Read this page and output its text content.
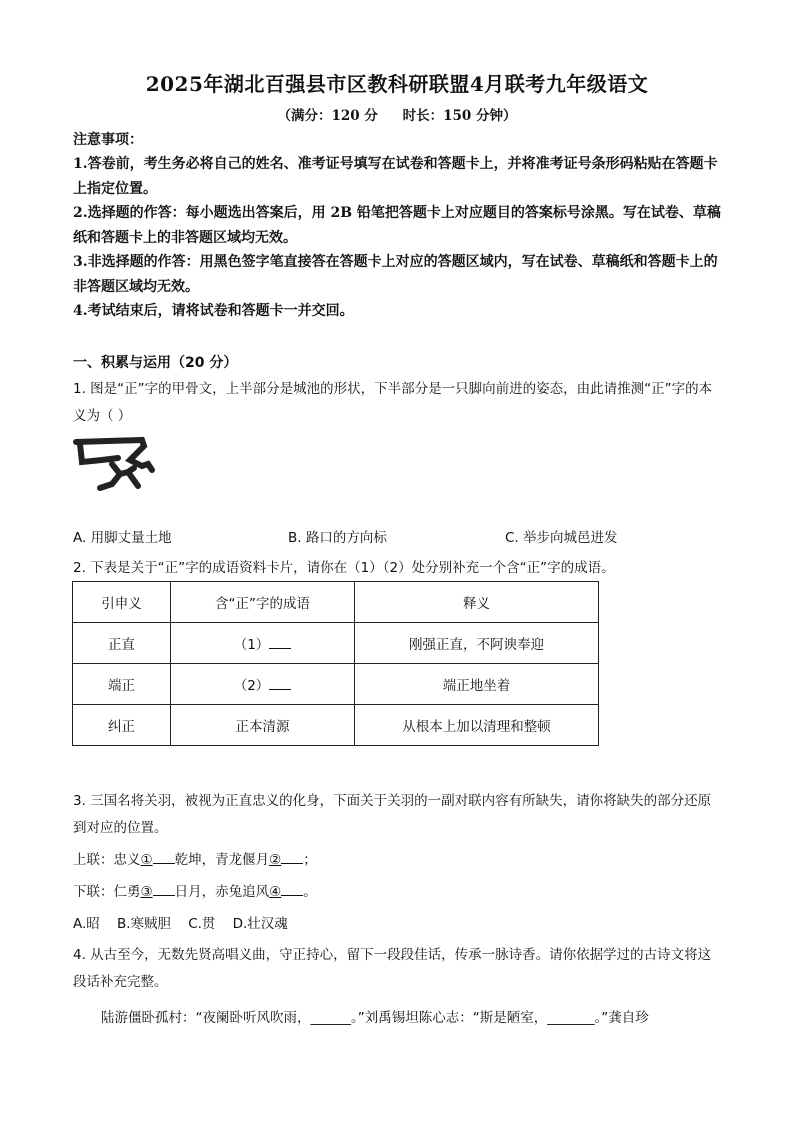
2025年湖北百强县市区教科研联盟4月联考九年级语文
（满分：120 分 时长：150 分钟）
注意事项：
1.答卷前，考生务必将自己的姓名、准考证号填写在试卷和答题卡上，并将准考证号条形码粘贴在答题卡上指定位置。
2.选择题的作答：每小题选出答案后，用 2B 铅笔把答题卡上对应题目的答案标号涂黑。写在试卷、草稿纸和答题卡上的非答题区域均无效。
3.非选择题的作答：用黑色签字笔直接答在答题卡上对应的答题区域内，写在试卷、草稿纸和答题卡上的非答题区域均无效。
4.考试结束后，请将试卷和答题卡一并交回。
一、积累与运用（20 分）
1. 图是“正”字的甲骨文，上半部分是城池的形状，下半部分是一只脚向前进的姿态，由此请推测“正”字的本义为（ ）
A. 用脚丈量土地	B. 路口的方向标	C. 举步向城邑进发
2. 下表是关于“正”字的成语资料卡片，请你在（1）（2）处分别补充一个含“正”字的成语。
引申义	含“正”字的成语	释义
正直	（1）	刚强正直，不阿谀奉迎
端正	（2）	端正地坐着
纠正	正本清源	从根本上加以清理和整顿
3. 三国名将关羽，被视为正直忠义的化身，下面关于关羽的一副对联内容有所缺失，请你将缺失的部分还原到对应的位置。
上联：忠义① 乾坤，青龙偃月② ；
下联：仁勇③ 日月，赤兔追风④ 。
A.昭 B.寒贼胆 C.贯 D.壮汉魂
4. 从古至今，无数先贤高唱义曲，守正持心，留下一段段佳话，传承一脉诗香。请你依据学过的古诗文将这段话补充完整。
陆游僵卧孤村：“夜阑卧听风吹雨，______。”刘禹锡坦陈心志：“斯是陋室，_______。”龚自珍
